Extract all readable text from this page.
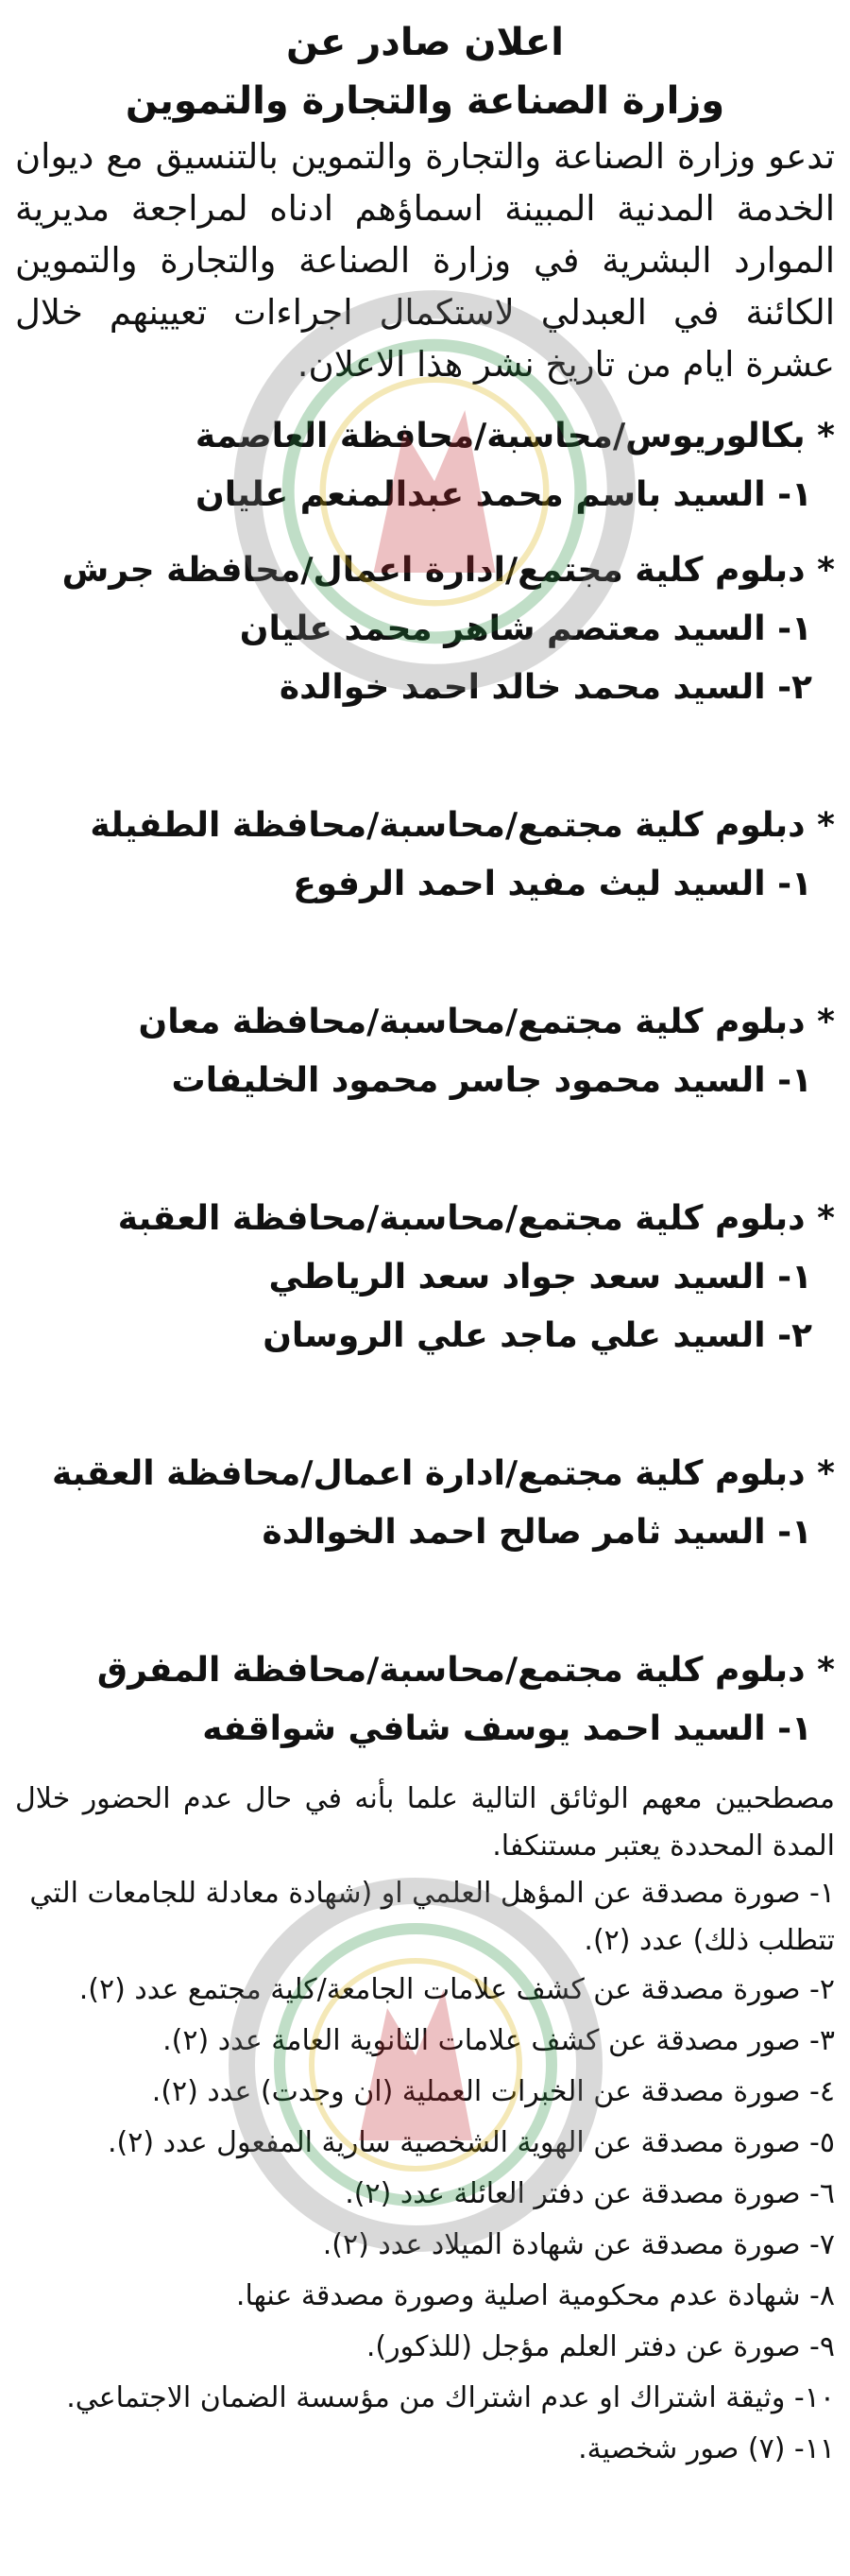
اعلان صادر عن

وزارة الصناعة والتجارة والتموين

تدعو وزارة الصناعة والتجارة والتموين بالتنسيق مع ديوان الخدمة المدنية المبينة اسماؤهم ادناه لمراجعة مديرية الموارد البشرية في وزارة الصناعة والتجارة والتموين الكائنة في العبدلي لاستكمال اجراءات تعيينهم خلال عشرة ايام من تاريخ نشر هذا الاعلان.

* بكالوريوس/محاسبة/محافظة العاصمة

١- السيد باسم محمد عبدالمنعم عليان

* دبلوم كلية مجتمع/ادارة اعمال/محافظة جرش

١- السيد معتصم شاهر محمد عليان

٢- السيد محمد خالد احمد خوالدة

* دبلوم كلية مجتمع/محاسبة/محافظة الطفيلة

١- السيد ليث مفيد احمد الرفوع

* دبلوم كلية مجتمع/محاسبة/محافظة معان

١- السيد محمود جاسر محمود الخليفات

* دبلوم كلية مجتمع/محاسبة/محافظة العقبة

١- السيد سعد جواد سعد الرياطي

٢- السيد علي ماجد علي الروسان

* دبلوم كلية مجتمع/ادارة اعمال/محافظة العقبة

١- السيد ثامر صالح احمد الخوالدة

* دبلوم كلية مجتمع/محاسبة/محافظة المفرق

١- السيد احمد يوسف شافي شواقفه

مصطحبين معهم الوثائق التالية علما بأنه في حال عدم الحضور خلال المدة المحددة يعتبر مستنكفا.

١- صورة مصدقة عن المؤهل العلمي او (شهادة معادلة للجامعات التي تتطلب ذلك) عدد (٢).
٢- صورة مصدقة عن كشف علامات الجامعة/كلية مجتمع عدد (٢).
٣- صور مصدقة عن كشف علامات الثانوية العامة عدد (٢).
٤- صورة مصدقة عن الخبرات العملية (ان وجدت) عدد (٢).
٥- صورة مصدقة عن الهوية الشخصية سارية المفعول عدد (٢).
٦- صورة مصدقة عن دفتر العائلة عدد (٢).
٧- صورة مصدقة عن شهادة الميلاد عدد (٢).
٨- شهادة عدم محكومية اصلية وصورة مصدقة عنها.
٩- صورة عن دفتر العلم مؤجل (للذكور).
١٠- وثيقة اشتراك او عدم اشتراك من مؤسسة الضمان الاجتماعي.
١١- (٧) صور شخصية.
